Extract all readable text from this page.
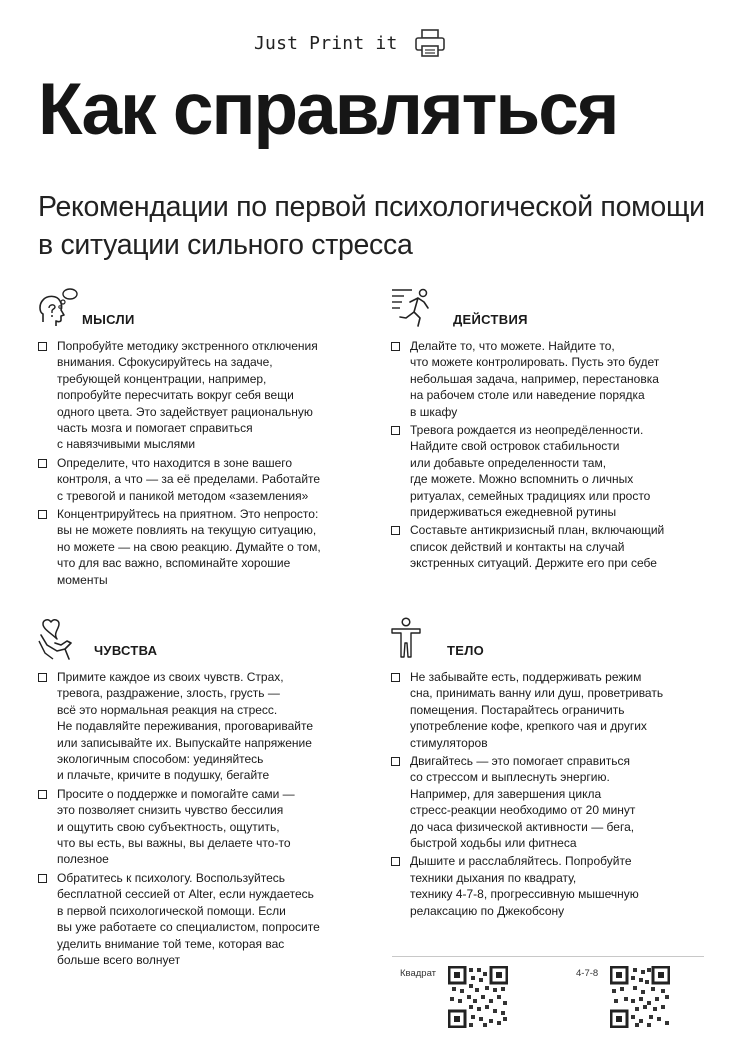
Just Print it
Как справляться

Рекомендации по первой психологической помощи в ситуации сильного стресса

МЫСЛИ
Попробуйте методику экстренного отключения
внимания. Сфокусируйтесь на задаче,
требующей концентрации, например,
попробуйте пересчитать вокруг себя вещи
одного цвета. Это задействует рациональную
часть мозга и помогает справиться
с навязчивыми мыслями
Определите, что находится в зоне вашего
контроля, а что — за её пределами. Работайте
с тревогой и паникой методом «заземления»
Концентрируйтесь на приятном. Это непросто:
вы не можете повлиять на текущую ситуацию,
но можете — на свою реакцию. Думайте о том,
что для вас важно, вспоминайте хорошие
моменты
ДЕЙСТВИЯ
Делайте то, что можете. Найдите то,
что можете контролировать. Пусть это будет
небольшая задача, например, перестановка
на рабочем столе или наведение порядка
в шкафу
Тревога рождается из неопредёленности.
Найдите свой островок стабильности
или добавьте определенности там,
где можете. Можно вспомнить о личных
ритуалах, семейных традициях или просто
придерживаться ежедневной рутины
Составьте антикризисный план, включающий
список действий и контакты на случай
экстренных ситуаций. Держите его при себе
ЧУВСТВА
Примите каждое из своих чувств. Страх,
тревога, раздражение, злость, грусть —
всё это нормальная реакция на стресс.
Не подавляйте переживания, проговаривайте
или записывайте их. Выпускайте напряжение
экологичным способом: уединяйтесь
и плачьте, кричите в подушку, бегайте
Просите о поддержке и помогайте сами —
это позволяет снизить чувство бессилия
и ощутить свою субъектность, ощутить,
что вы есть, вы важны, вы делаете что-то
полезное
Обратитесь к психологу. Воспользуйтесь
бесплатной сессией от Alter, если нуждаетесь
в первой психологической помощи. Если
вы уже работаете со специалистом, попросите
уделить внимание той теме, которая вас
больше всего волнует
ТЕЛО
Не забывайте есть, поддерживать режим
сна, принимать ванну или душ, проветривать
помещения. Постарайтесь ограничить
употребление кофе, крепкого чая и других
стимуляторов
Двигайтесь — это помогает справиться
со стрессом и выплеснуть энергию.
Например, для завершения цикла
стресс-реакции необходимо от 20 минут
до часа физической активности — бега,
быстрой ходьбы или фитнеса
Дышите и расслабляйтесь. Попробуйте
техники дыхания по квадрату,
технику 4-7-8, прогрессивную мышечную
релаксацию по Джекобсону
Квадрат	4-7-8
